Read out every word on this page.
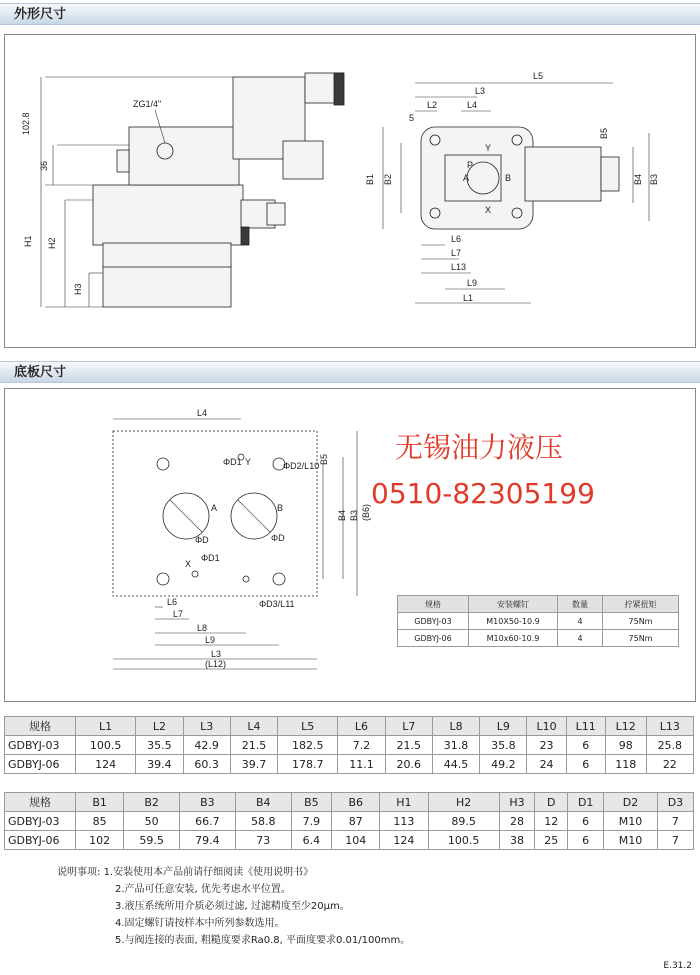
外形尺寸
ZG1/4"
102.8
36
H1 H2
H3
L5
L3
L2	L4
5
B5
B1 B2	B4 B3
L6
L7
L13
L9
L1
Y
P
A	B
X
底板尺寸
L4
ΦD1 Y	ΦD2/L10
B5
B4 B3 (B6)
A	B
ΦD	ΦD
ΦD1
X
ΦD3/L11
L6
L7
L8
L9
L3
(L12)
无锡油力液压
0510-82305199
规格	安装螺钉	数量	拧紧扭矩
GDBYJ-03	M10X50-10.9	4	75Nm
GDBYJ-06	M10x60-10.9	4	75Nm
规格	L1	L2	L3	L4	L5	L6	L7	L8	L9	L10	L11	L12	L13
GDBYJ-03	100.5	35.5	42.9	21.5	182.5	7.2	21.5	31.8	35.8	23	6	98	25.8
GDBYJ-06	124	39.4	60.3	39.7	178.7	11.1	20.6	44.5	49.2	24	6	118	22
规格	B1	B2	B3	B4	B5	B6	H1	H2	H3	D	D1	D2	D3
GDBYJ-03	85	50	66.7	58.8	7.9	87	113	89.5	28	12	6	M10	7
GDBYJ-06	102	59.5	79.4	73	6.4	104	124	100.5	38	25	6	M10	7
说明事项: 1.安装使用本产品前请仔细阅读《使用说明书》
2.产品可任意安装, 优先考虑水平位置。
3.液压系统所用介质必须过滤, 过滤精度至少20μm。
4.固定螺钉请按样本中所列参数选用。
5.与阀连接的表面, 粗糙度要求Ra0.8, 平面度要求0.01/100mm。
E.31.2
